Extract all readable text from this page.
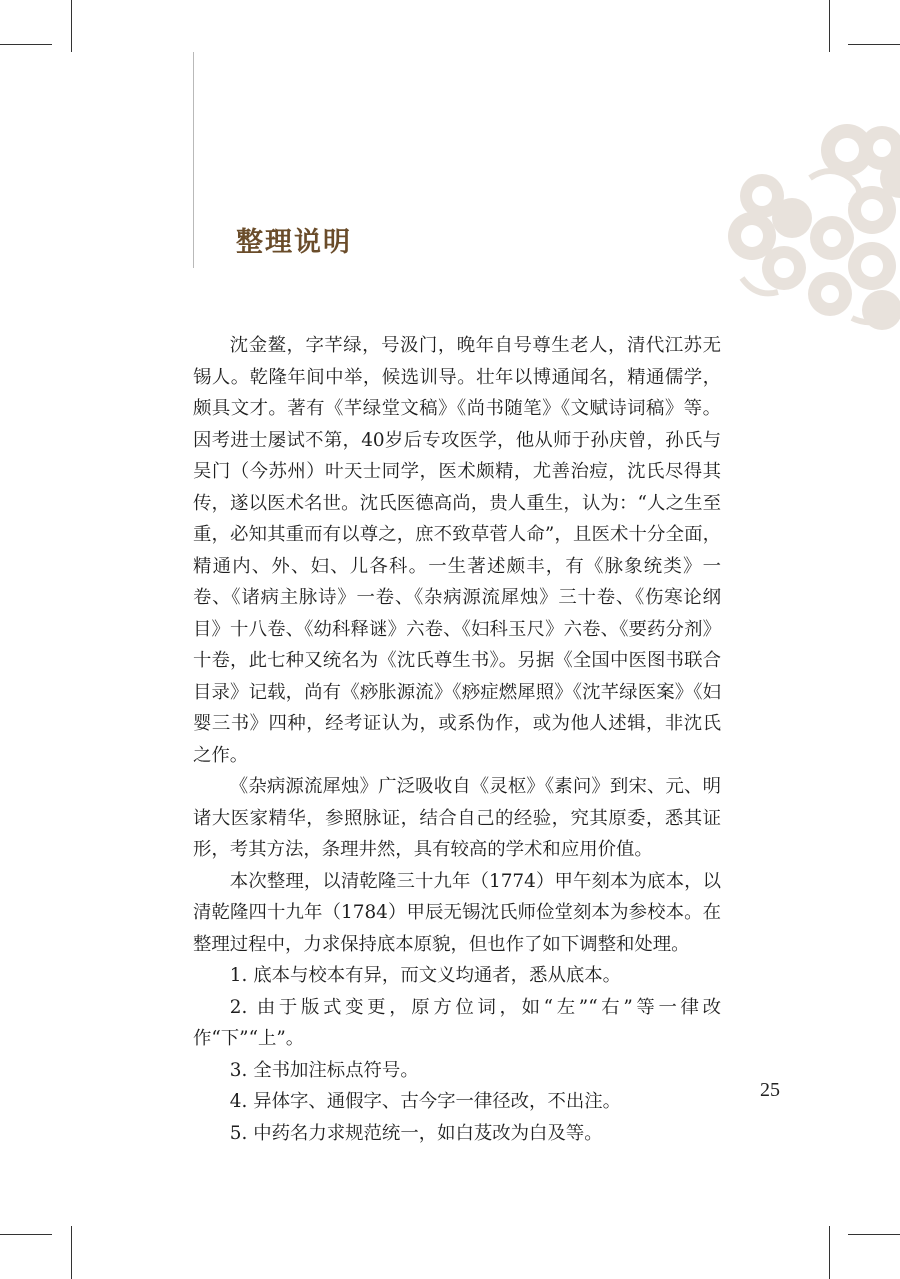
整理说明

沈金鳌，字芊绿，号汲门，晚年自号尊生老人，清代江苏无锡人。乾隆年间中举，候选训导。壮年以博通闻名，精通儒学，颇具文才。著有《芊绿堂文稿》《尚书随笔》《文赋诗词稿》等。因考进士屡试不第，40岁后专攻医学，他从师于孙庆曾，孙氏与吴门（今苏州）叶天士同学，医术颇精，尤善治痘，沈氏尽得其传，遂以医术名世。沈氏医德高尚，贵人重生，认为：“人之生至重，必知其重而有以尊之，庶不致草菅人命”，且医术十分全面，精通内、外、妇、儿各科。一生著述颇丰，有《脉象统类》一卷、《诸病主脉诗》一卷、《杂病源流犀烛》三十卷、《伤寒论纲目》十八卷、《幼科释谜》六卷、《妇科玉尺》六卷、《要药分剂》十卷，此七种又统名为《沈氏尊生书》。另据《全国中医图书联合目录》记载，尚有《痧胀源流》《痧症燃犀照》《沈芊绿医案》《妇婴三书》四种，经考证认为，或系伪作，或为他人述辑，非沈氏之作。

《杂病源流犀烛》广泛吸收自《灵枢》《素问》到宋、元、明诸大医家精华，参照脉证，结合自己的经验，究其原委，悉其证形，考其方法，条理井然，具有较高的学术和应用价值。

本次整理，以清乾隆三十九年（1774）甲午刻本为底本，以清乾隆四十九年（1784）甲辰无锡沈氏师俭堂刻本为参校本。在整理过程中，力求保持底本原貌，但也作了如下调整和处理。

1. 底本与校本有异，而文义均通者，悉从底本。

2. 由于版式变更，原方位词，如“左”“右”等一律改作“下”“上”。

3. 全书加注标点符号。

4. 异体字、通假字、古今字一律径改，不出注。

5. 中药名力求规范统一，如白芨改为白及等。

25
